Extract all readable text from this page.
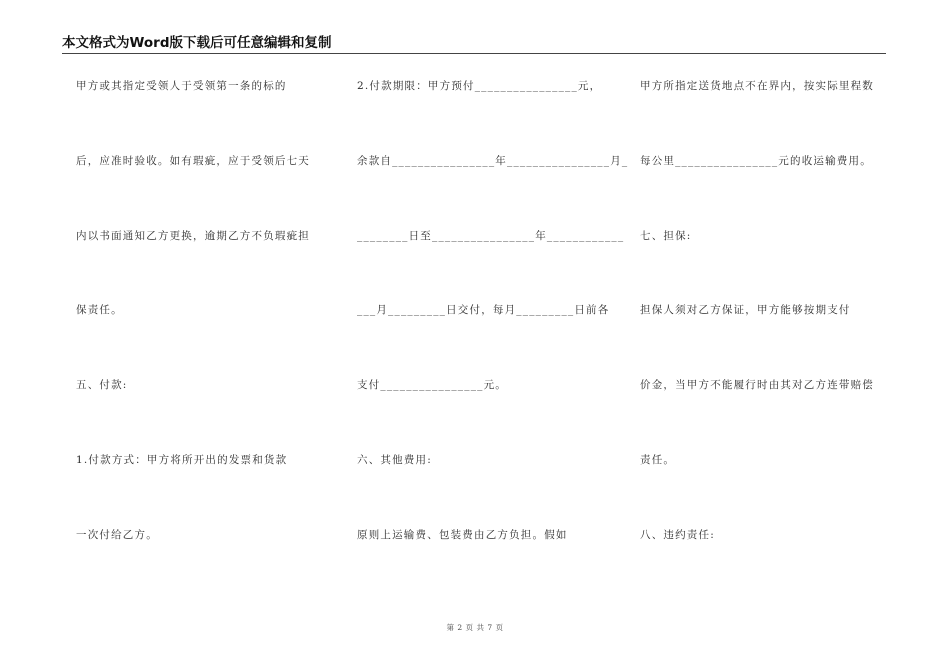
本文格式为Word版下载后可任意编辑和复制
甲方或其指定受领人于受领第一条的标的
后，应准时验收。如有瑕疵，应于受领后七天
内以书面通知乙方更换，逾期乙方不负瑕疵担
保责任。
五、付款:
1.付款方式：甲方将所开出的发票和货款
一次付给乙方。
2.付款期限：甲方预付________________元，
余款自________________年________________月_
________日至________________年____________
___月_________日交付，每月_________日前各
支付________________元。
六、其他费用:
原则上运输费、包装费由乙方负担。假如
甲方所指定送货地点不在界内，按实际里程数
每公里________________元的收运输费用。
七、担保:
担保人须对乙方保证，甲方能够按期支付
价金，当甲方不能履行时由其对乙方连带赔偿
责任。
八、违约责任:
第 2 页 共 7 页
